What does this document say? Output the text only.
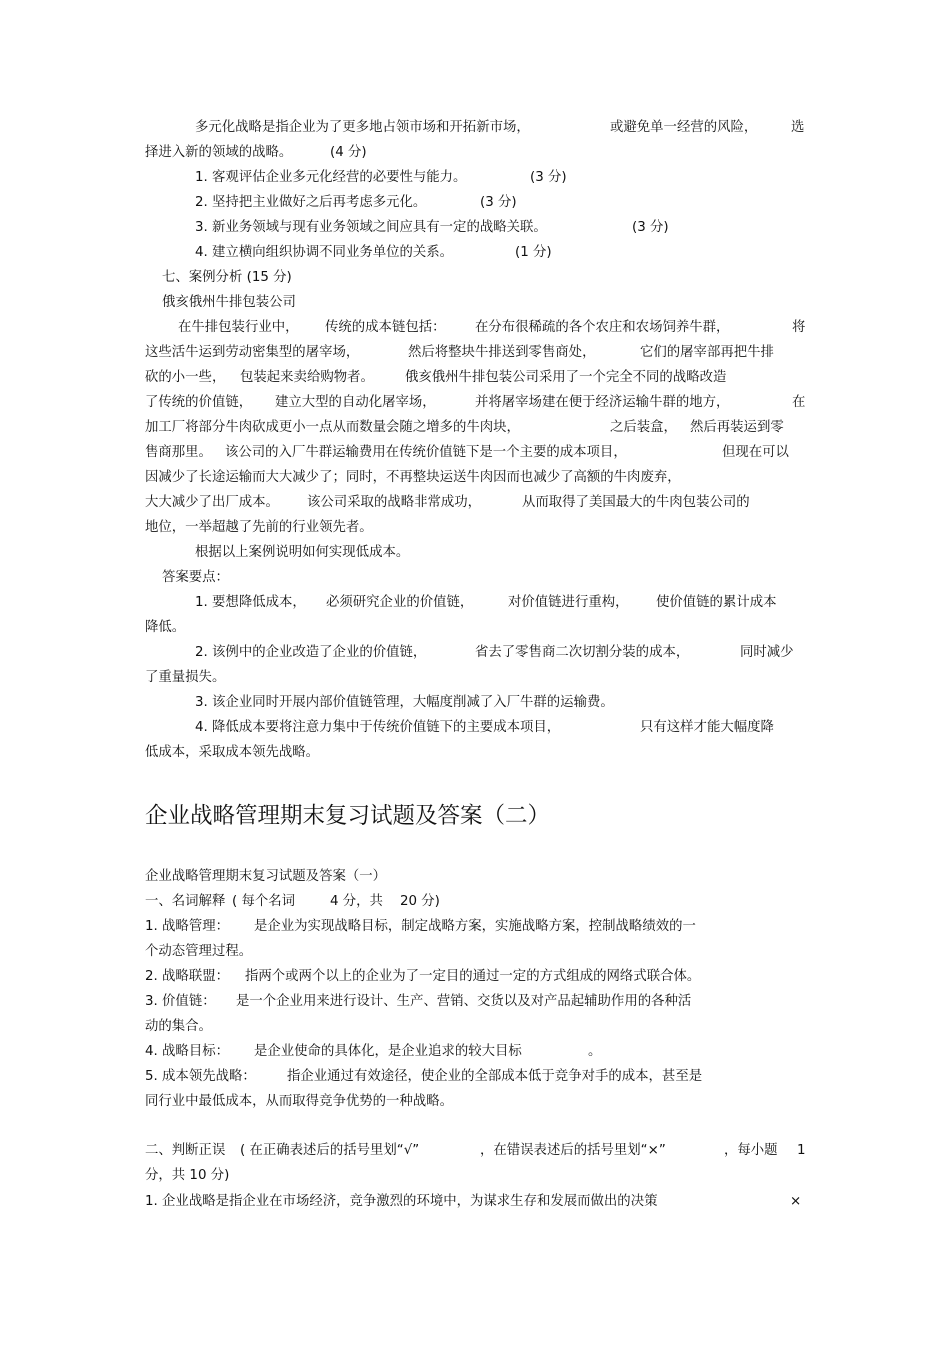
多元化战略是指企业为了更多地占领市场和开拓新市场，	或避免单一经营的风险，	选
择进入新的领域的战略。	(4 分)
1. 客观评估企业多元化经营的必要性与能力。	(3 分)
2. 坚持把主业做好之后再考虑多元化。	(3 分)
3. 新业务领域与现有业务领域之间应具有一定的战略关联。	(3 分)
4. 建立横向组织协调不同业务单位的关系。	(1 分)
七、案例分析 (15 分)
俄亥俄州牛排包装公司
在牛排包装行业中， 传统的成本链包括： 在分布很稀疏的各个农庄和农场饲养牛群，	将
这些活牛运到劳动密集型的屠宰场，	然后将整块牛排送到零售商处，	它们的屠宰部再把牛排
砍的小一些， 包装起来卖给购物者。 俄亥俄州牛排包装公司采用了一个完全不同的战略改造
了传统的价值链， 建立大型的自动化屠宰场，	并将屠宰场建在便于经济运输牛群的地方，	在
加工厂将部分牛肉砍成更小一点从而数量会随之增多的牛肉块，	之后装盒， 然后再装运到零
售商那里。 该公司的入厂牛群运输费用在传统价值链下是一个主要的成本项目，	但现在可以
因减少了长途运输而大大减少了；同时，不再整块运送牛肉因而也减少了高额的牛肉废弃，
大大减少了出厂成本。 该公司采取的战略非常成功，	从而取得了美国最大的牛肉包装公司的
地位，一举超越了先前的行业领先者。
根据以上案例说明如何实现低成本。
答案要点：
1. 要想降低成本， 必须研究企业的价值链，	对价值链进行重构， 使价值链的累计成本
降低。
2. 该例中的企业改造了企业的价值链，	省去了零售商二次切割分装的成本，	同时减少
了重量损失。
3. 该企业同时开展内部价值链管理，大幅度削减了入厂牛群的运输费。
4. 降低成本要将注意力集中于传统价值链下的主要成本项目，	只有这样才能大幅度降
低成本，采取成本领先战略。
企业战略管理期末复习试题及答案（二）
企业战略管理期末复习试题及答案（一）
一、名词解释 ( 每个名词	4 分，共 20 分)
1. 战略管理： 是企业为实现战略目标，制定战略方案，实施战略方案，控制战略绩效的一
个动态管理过程。
2. 战略联盟： 指两个或两个以上的企业为了一定目的通过一定的方式组成的网络式联合体。
3. 价值链： 是一个企业用来进行设计、生产、营销、交货以及对产品起辅助作用的各种活
动的集合。
4. 战略目标： 是企业使命的具体化，是企业追求的较大目标	。
5. 成本领先战略： 指企业通过有效途径，使企业的全部成本低于竞争对手的成本，甚至是
同行业中最低成本，从而取得竞争优势的一种战略。
二、判断正误 ( 在正确表述后的括号里划“√”	，在错误表述后的括号里划“×”	，每小题 1
分，共 10 分)
1. 企业战略是指企业在市场经济，竞争激烈的环境中，为谋求生存和发展而做出的决策	×
